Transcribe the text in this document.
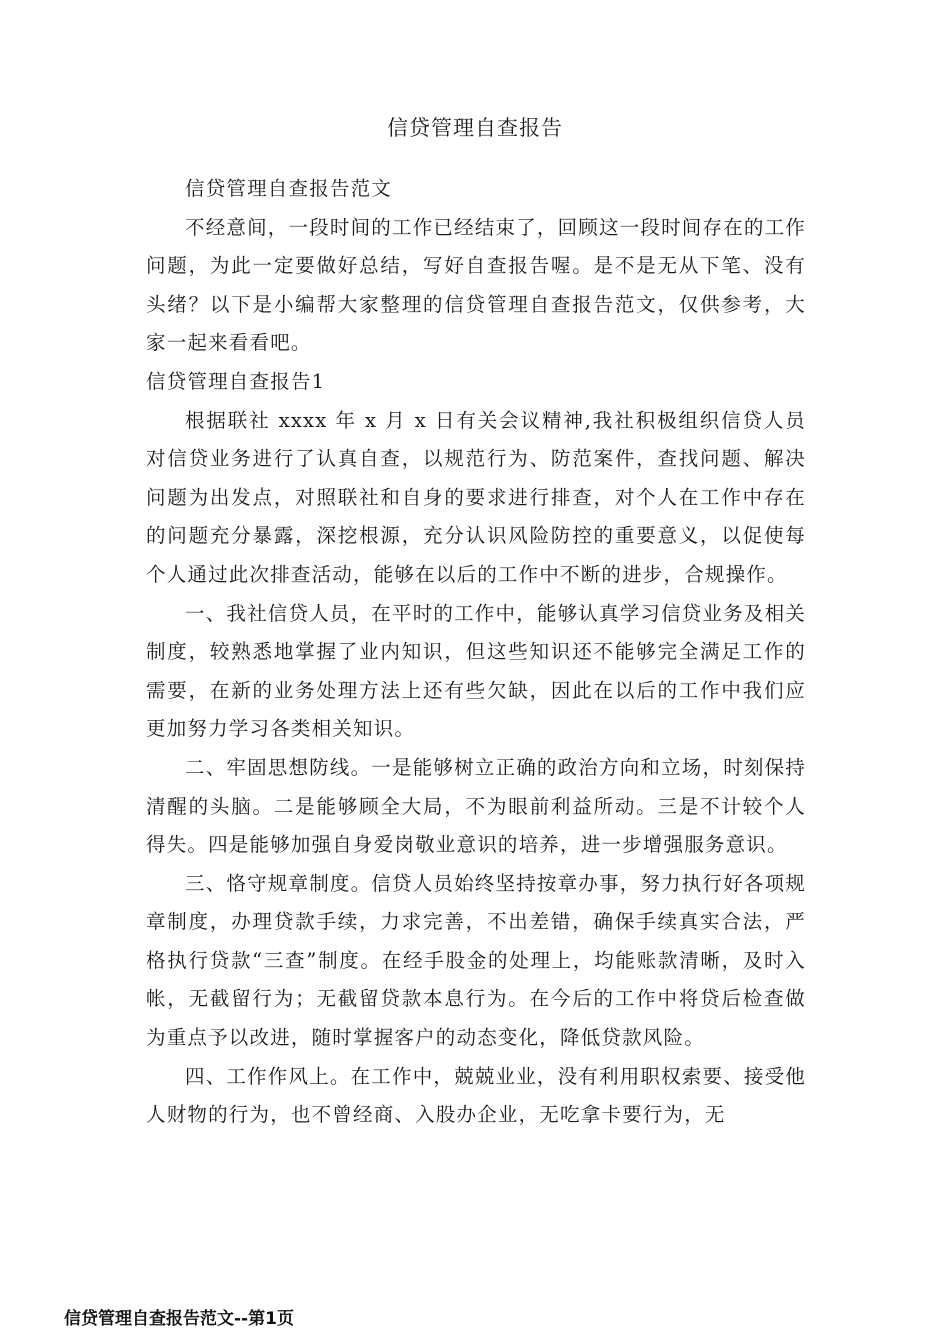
信贷管理自查报告

信贷管理自查报告范文

不经意间，一段时间的工作已经结束了，回顾这一段时间存在的工作问题，为此一定要做好总结，写好自查报告喔。是不是无从下笔、没有头绪？以下是小编帮大家整理的信贷管理自查报告范文，仅供参考，大家一起来看看吧。

信贷管理自查报告1

根据联社 xxxx 年 x 月 x 日有关会议精神,我社积极组织信贷人员对信贷业务进行了认真自查，以规范行为、防范案件，查找问题、解决问题为出发点，对照联社和自身的要求进行排查，对个人在工作中存在的问题充分暴露，深挖根源，充分认识风险防控的重要意义，以促使每个人通过此次排查活动，能够在以后的工作中不断的进步，合规操作。

一、我社信贷人员，在平时的工作中，能够认真学习信贷业务及相关制度，较熟悉地掌握了业内知识，但这些知识还不能够完全满足工作的需要，在新的业务处理方法上还有些欠缺，因此在以后的工作中我们应更加努力学习各类相关知识。

二、牢固思想防线。一是能够树立正确的政治方向和立场，时刻保持清醒的头脑。二是能够顾全大局，不为眼前利益所动。三是不计较个人得失。四是能够加强自身爱岗敬业意识的培养，进一步增强服务意识。

三、恪守规章制度。信贷人员始终坚持按章办事，努力执行好各项规章制度，办理贷款手续，力求完善，不出差错，确保手续真实合法，严格执行贷款“三查”制度。在经手股金的处理上，均能账款清晰，及时入帐，无截留行为；无截留贷款本息行为。在今后的工作中将贷后检查做为重点予以改进，随时掌握客户的动态变化，降低贷款风险。

四、工作作风上。在工作中，兢兢业业，没有利用职权索要、接受他人财物的行为，也不曾经商、入股办企业，无吃拿卡要行为，无

信贷管理自查报告范文--第1页
